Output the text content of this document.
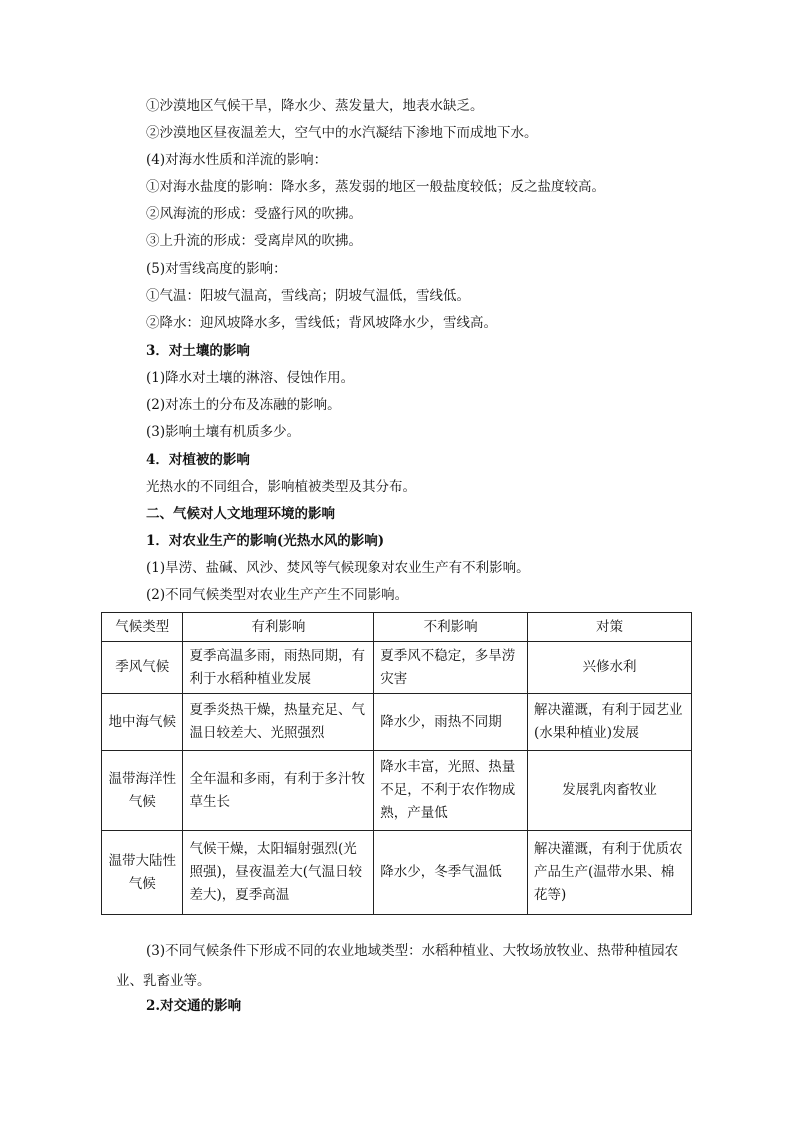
①沙漠地区气候干旱，降水少、蒸发量大，地表水缺乏。
②沙漠地区昼夜温差大，空气中的水汽凝结下渗地下而成地下水。
(4)对海水性质和洋流的影响：
①对海水盐度的影响：降水多，蒸发弱的地区一般盐度较低；反之盐度较高。
②风海流的形成：受盛行风的吹拂。
③上升流的形成：受离岸风的吹拂。
(5)对雪线高度的影响：
①气温：阳坡气温高，雪线高；阴坡气温低，雪线低。
②降水：迎风坡降水多，雪线低；背风坡降水少，雪线高。
3．对土壤的影响
(1)降水对土壤的淋溶、侵蚀作用。
(2)对冻土的分布及冻融的影响。
(3)影响土壤有机质多少。
4．对植被的影响
光热水的不同组合，影响植被类型及其分布。
二、气候对人文地理环境的影响
1．对农业生产的影响(光热水风的影响)
(1)旱涝、盐碱、风沙、焚风等气候现象对农业生产有不利影响。
(2)不同气候类型对农业生产产生不同影响。
气候类型	有利影响	不利影响	对策
季风气候	夏季高温多雨，雨热同期，有利于水稻种植业发展	夏季风不稳定，多旱涝灾害	兴修水利
地中海气候	夏季炎热干燥，热量充足、气温日较差大、光照强烈	降水少，雨热不同期	解决灌溉，有利于园艺业(水果种植业)发展
温带海洋性气候	全年温和多雨，有利于多汁牧草生长	降水丰富，光照、热量不足，不利于农作物成熟，产量低	发展乳肉畜牧业
温带大陆性气候	气候干燥，太阳辐射强烈(光照强)，昼夜温差大(气温日较差大)，夏季高温	降水少，冬季气温低	解决灌溉，有利于优质农产品生产(温带水果、棉花等)
(3)不同气候条件下形成不同的农业地域类型：水稻种植业、大牧场放牧业、热带种植园农业、乳畜业等。
2.对交通的影响
